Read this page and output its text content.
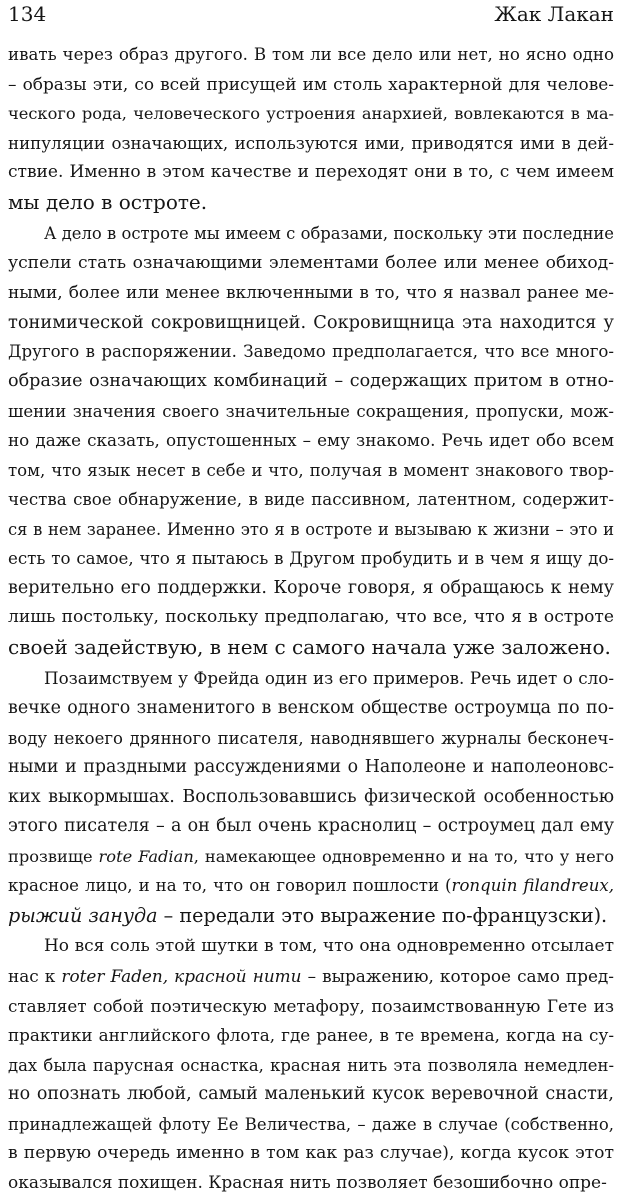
134	Жак Лакан
ивать через образ другого. В том ли все дело или нет, но ясно одно
– образы эти, со всей присущей им столь характерной для челове-
ческого рода, человеческого устроения анархией, вовлекаются в ма-
нипуляции означающих, используются ими, приводятся ими в дей-
ствие. Именно в этом качестве и переходят они в то, с чем имеем
мы дело в остроте.
А дело в остроте мы имеем с образами, поскольку эти последние
успели стать означающими элементами более или менее обиход-
ными, более или менее включенными в то, что я назвал ранее ме-
тонимической сокровищницей. Сокровищница эта находится у
Другого в распоряжении. Заведомо предполагается, что все много-
образие означающих комбинаций – содержащих притом в отно-
шении значения своего значительные сокращения, пропуски, мож-
но даже сказать, опустошенных – ему знакомо. Речь идет обо всем
том, что язык несет в себе и что, получая в момент знакового твор-
чества свое обнаружение, в виде пассивном, латентном, содержит-
ся в нем заранее. Именно это я в остроте и вызываю к жизни – это и
есть то самое, что я пытаюсь в Другом пробудить и в чем я ищу до-
верительно его поддержки. Короче говоря, я обращаюсь к нему
лишь постольку, поскольку предполагаю, что все, что я в остроте
своей задействую, в нем с самого начала уже заложено.
Позаимствуем у Фрейда один из его примеров. Речь идет о сло-
вечке одного знаменитого в венском обществе остроумца по по-
воду некоего дрянного писателя, наводнявшего журналы бесконеч-
ными и праздными рассуждениями о Наполеоне и наполеоновс-
ких выкормышах. Воспользовавшись физической особенностью
этого писателя – а он был очень краснолиц – остроумец дал ему
прозвище rote Fadian, намекающее одновременно и на то, что у него
красное лицо, и на то, что он говорил пошлости (ronquin filandreux,
рыжий зануда – передали это выражение по-французски).
Но вся соль этой шутки в том, что она одновременно отсылает
нас к roter Faden, красной нити – выражению, которое само пред-
ставляет собой поэтическую метафору, позаимствованную Гете из
практики английского флота, где ранее, в те времена, когда на су-
дах была парусная оснастка, красная нить эта позволяла немедлен-
но опознать любой, самый маленький кусок веревочной снасти,
принадлежащей флоту Ее Величества, – даже в случае (собственно,
в первую очередь именно в том как раз случае), когда кусок этот
оказывался похищен. Красная нить позволяет безошибочно опре-
